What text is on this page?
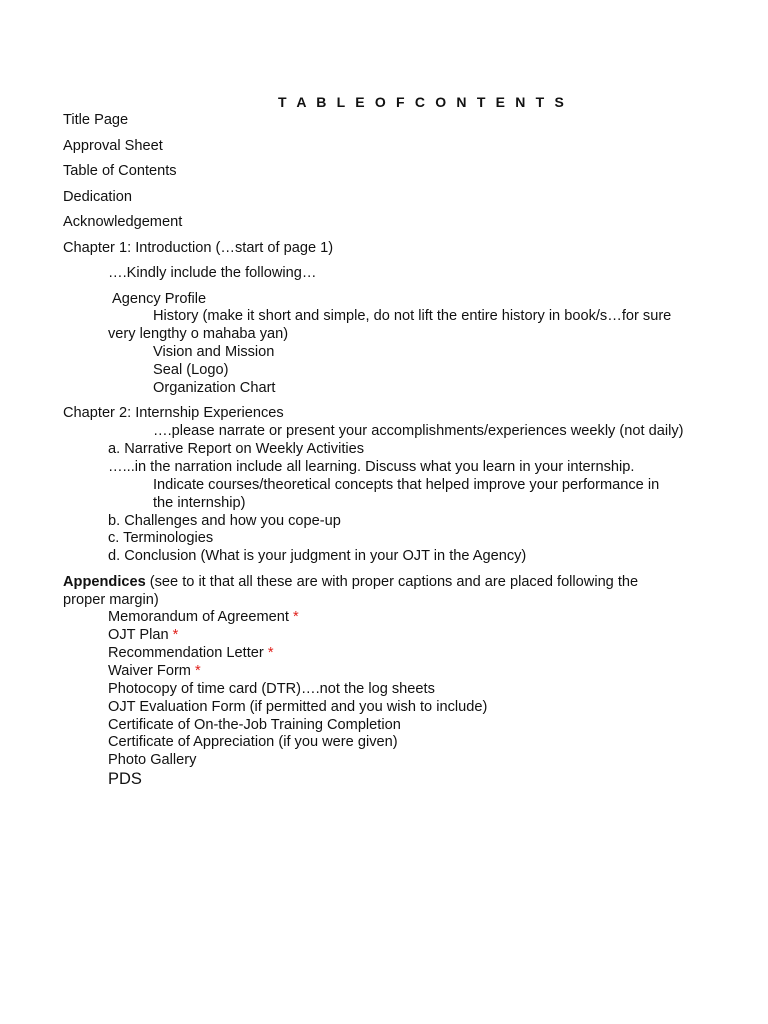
T A B L E O F C O N T E N T S
Title Page
Approval Sheet
Table of Contents
Dedication
Acknowledgement
Chapter 1: Introduction (…start of page 1)
….Kindly include the following…
Agency Profile
History (make it short and simple, do not lift the entire history in book/s…for sure
very lengthy o mahaba yan)
Vision and Mission
Seal (Logo)
Organization Chart
Chapter 2: Internship Experiences
….please narrate or present your accomplishments/experiences weekly (not daily)
a. Narrative Report on Weekly Activities
…...in the narration include all learning. Discuss what you learn in your internship.
Indicate courses/theoretical concepts that helped improve your performance in
the internship)
b. Challenges and how you cope-up
c. Terminologies
d. Conclusion (What is your judgment in your OJT in the Agency)
Appendices (see to it that all these are with proper captions and are placed following the
proper margin)
Memorandum of Agreement *
OJT Plan *
Recommendation Letter *
Waiver Form *
Photocopy of time card (DTR)….not the log sheets
OJT Evaluation Form (if permitted and you wish to include)
Certificate of On-the-Job Training Completion
Certificate of Appreciation (if you were given)
Photo Gallery
PDS
